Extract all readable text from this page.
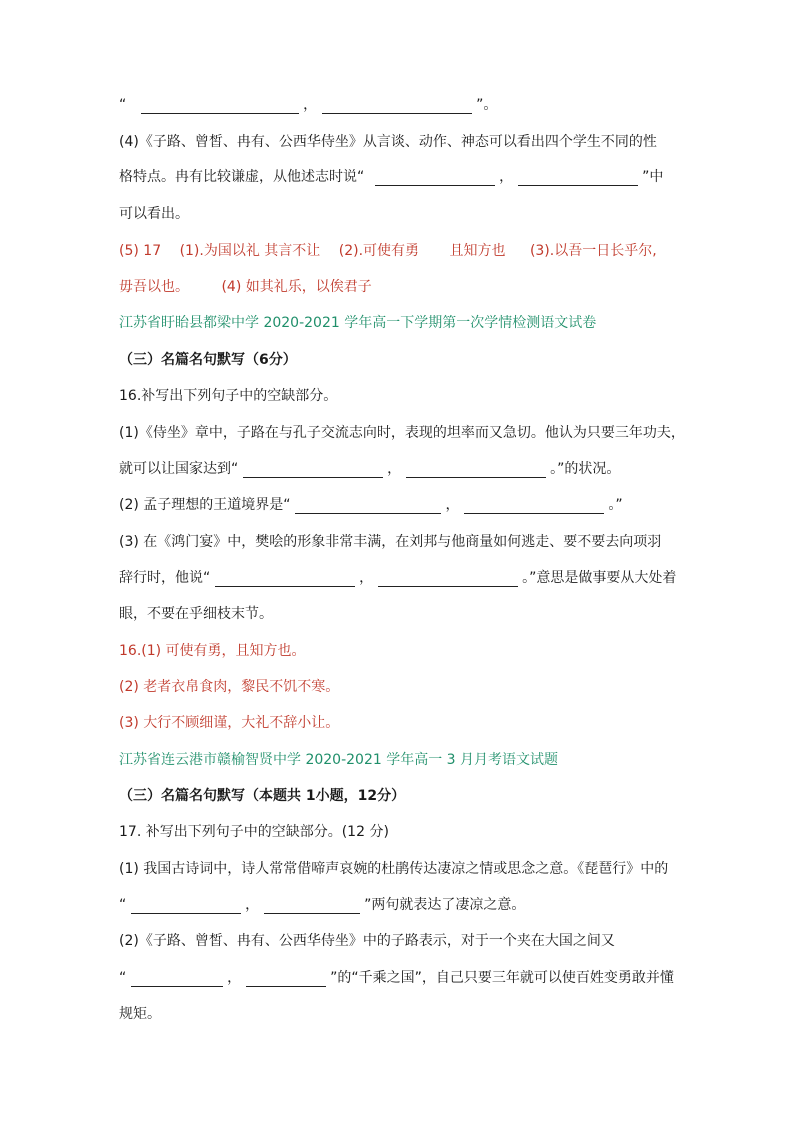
“	，	”。
(4)《子路、曾皙、冉有、公西华侍坐》从言谈、动作、神态可以看出四个学生不同的性
格特点。冉有比较谦虚，从他述志时说“	，	”中
可以看出。
(5) 17 (1).为国以礼 其言不让 (2).可使有勇 且知方也 (3).以吾一日长乎尔,
毋吾以也。 (4) 如其礼乐，以俟君子
江苏省盱眙县都梁中学 2020-2021 学年高一下学期第一次学情检测语文试卷
（三）名篇名句默写（6分）
16.补写出下列句子中的空缺部分。
(1)《侍坐》章中，子路在与孔子交流志向时，表现的坦率而又急切。他认为只要三年功夫，
就可以让国家达到“	，	。”的状况。
(2) 孟子理想的王道境界是“	，	。”
(3) 在《鸿门宴》中，樊哙的形象非常丰满，在刘邦与他商量如何逃走、要不要去向项羽
辞行时，他说“	，	。”意思是做事要从大处着
眼，不要在乎细枝末节。
16.(1) 可使有勇，且知方也。
(2) 老者衣帛食肉，黎民不饥不寒。
(3) 大行不顾细谨，大礼不辞小让。
江苏省连云港市赣榆智贤中学 2020-2021 学年高一 3 月月考语文试题
（三）名篇名句默写（本题共 1小题，12分）
17. 补写出下列句子中的空缺部分。(12 分)
(1) 我国古诗词中，诗人常常借啼声哀婉的杜鹃传达凄凉之情或思念之意。《琵琶行》中的
“	，	”两句就表达了凄凉之意。
(2)《子路、曾皙、冉有、公西华侍坐》中的子路表示，对于一个夹在大国之间又
“	，	”的“千乘之国”，自己只要三年就可以使百姓变勇敢并懂
规矩。
